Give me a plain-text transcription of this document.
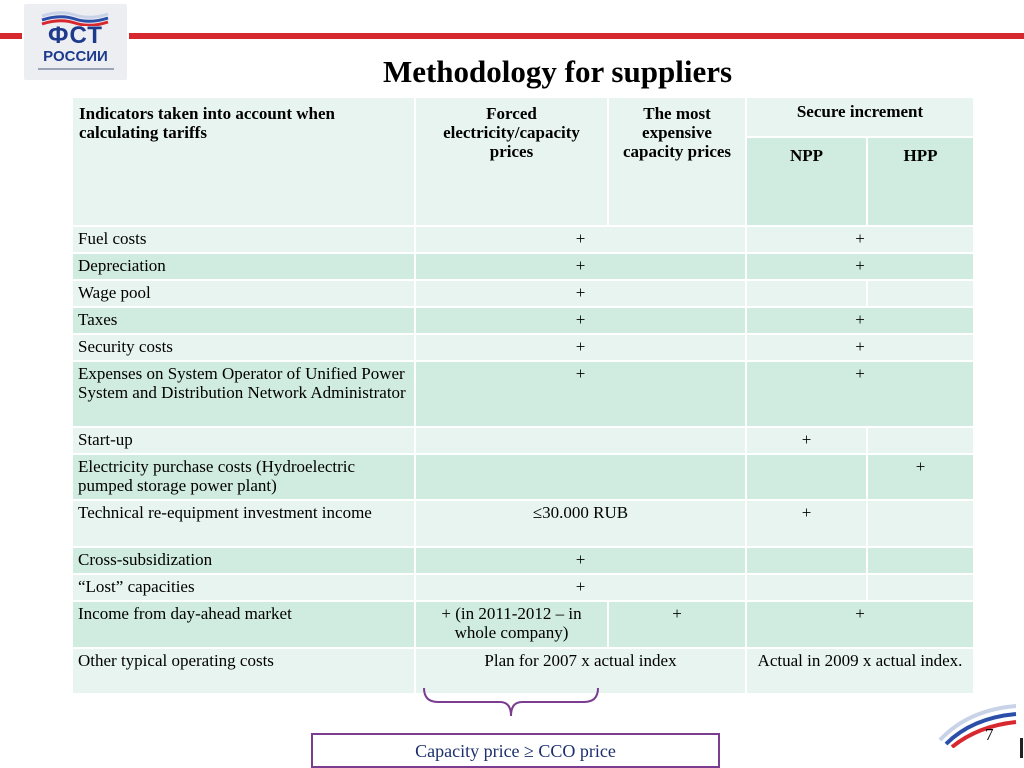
ФСТ
РОССИИ	Methodology for suppliers
Indicators taken into account when calculating tariffs	Forced electricity/capacity prices	The most expensive capacity prices	Secure increment	
			NPP	HPP
Fuel costs	+		+	
Depreciation	+		+	
Wage pool	+			
Taxes	+		+	
Security costs	+		+	
Expenses on System Operator of Unified Power System and Distribution Network Administrator	+		+	
Start-up			+	
Electricity purchase costs (Hydroelectric pumped storage power plant)				+
Technical re-equipment investment income	≤30.000 RUB		+	
Cross-subsidization	+			
“Lost” capacities	+			
Income from day-ahead market	+ (in 2011-2012 – in whole company)	+	+	
Other typical operating costs	Plan for 2007 x actual index		Actual in 2009 x actual index.	
Capacity price ≥ CCO price
7
